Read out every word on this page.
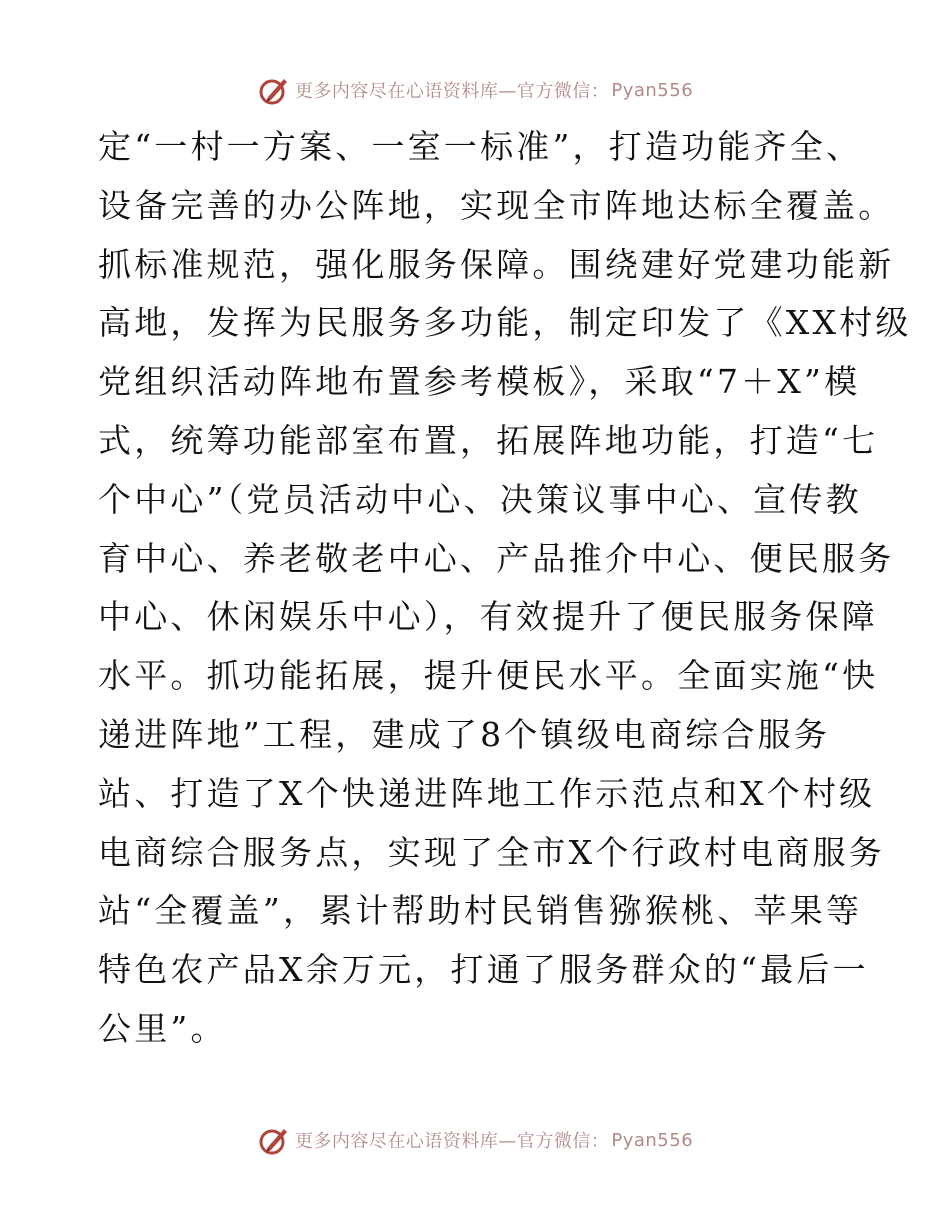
更多内容尽在心语资料库—官方微信： Pyan556
定“一村一方案、一室一标准”，打造功能齐全、
设备完善的办公阵地，实现全市阵地达标全覆盖。
抓标准规范，强化服务保障。围绕建好党建功能新
高地，发挥为民服务多功能，制定印发了《XX村级
党组织活动阵地布置参考模板》，采取“7＋X”模
式，统筹功能部室布置，拓展阵地功能，打造“七
个中心”（党员活动中心、决策议事中心、宣传教
育中心、养老敬老中心、产品推介中心、便民服务
中心、休闲娱乐中心），有效提升了便民服务保障
水平。抓功能拓展，提升便民水平。全面实施“快
递进阵地”工程，建成了8个镇级电商综合服务
站、打造了X个快递进阵地工作示范点和X个村级
电商综合服务点，实现了全市X个行政村电商服务
站“全覆盖”，累计帮助村民销售猕猴桃、苹果等
特色农产品X余万元，打通了服务群众的“最后一
公里”。
更多内容尽在心语资料库—官方微信： Pyan556
